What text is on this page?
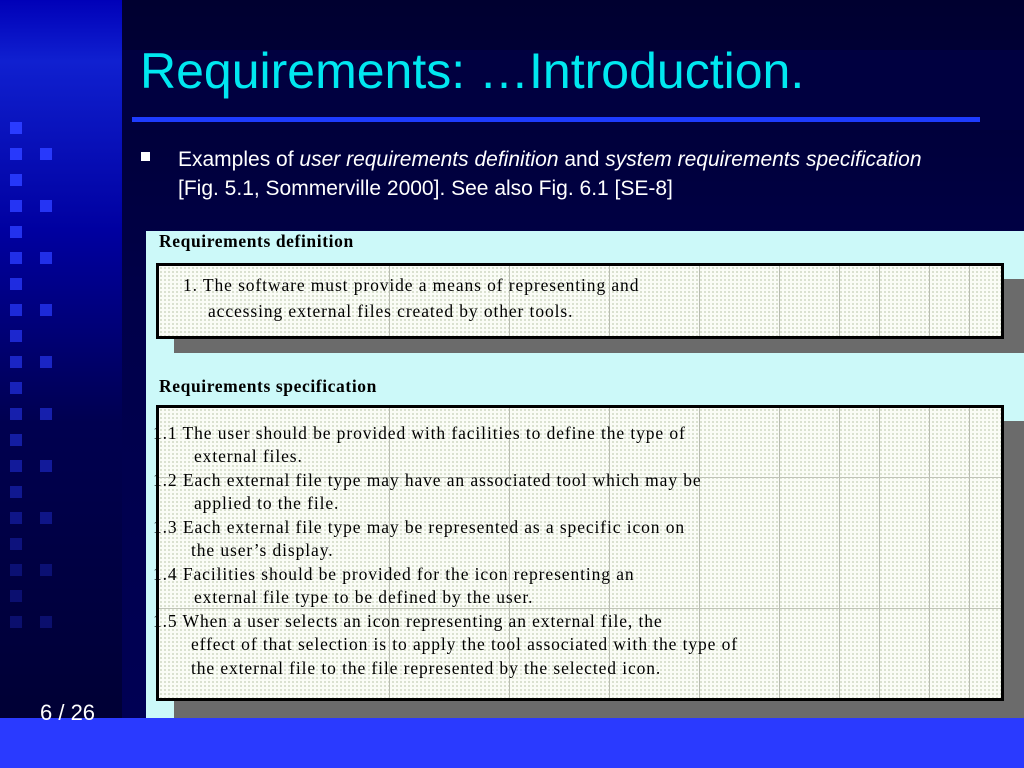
Requirements: …Introduction.
Examples of user requirements definition and system requirements specification [Fig. 5.1, Sommerville 2000]. See also Fig. 6.1 [SE-8]
Requirements definition
1. The software must provide a means of representing and
accessing external files created by other tools.
Requirements specification
1.1 The user should be provided with facilities to define the type of
external files.
1.2 Each external file type may have an associated tool which may be
applied to the file.
1.3 Each external file type may be represented as a specific icon on
the user’s display.
1.4 Facilities should be provided for the icon representing an
external file type to be defined by the user.
1.5 When a user selects an icon representing an external file, the
effect of that selection is to apply the tool associated with the type of
the external file to the file represented by the selected icon.
6 / 26
